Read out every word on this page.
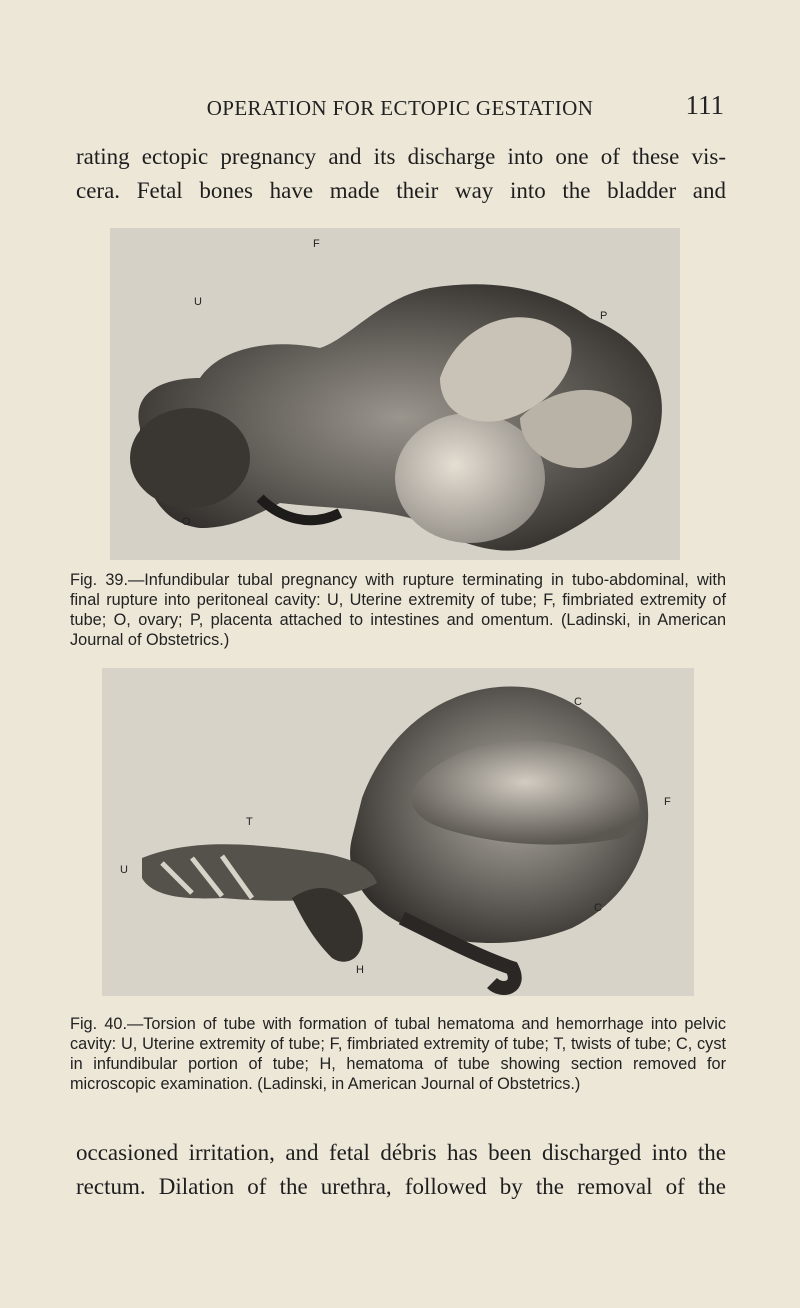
OPERATION FOR ECTOPIC GESTATION	111
rating ectopic pregnancy and its discharge into one of these vis-
cera. Fetal bones have made their way into the bladder and
F
U
P
O
Fig. 39.—Infundibular tubal pregnancy with rupture terminating in tubo-abdominal, with final rupture into peritoneal cavity: U, Uterine extremity of tube; F, fimbriated extremity of tube; O, ovary; P, placenta attached to intestines and omentum. (Ladinski, in American Journal of Obstetrics.)
C
F
T
U
C
H
Fig. 40.—Torsion of tube with formation of tubal hematoma and hemorrhage into pelvic cavity: U, Uterine extremity of tube; F, fimbriated extremity of tube; T, twists of tube; C, cyst in infundibular portion of tube; H, hematoma of tube showing section removed for microscopic examination. (Ladinski, in American Journal of Obstetrics.)
occasioned irritation, and fetal débris has been discharged into the
rectum. Dilation of the urethra, followed by the removal of the
